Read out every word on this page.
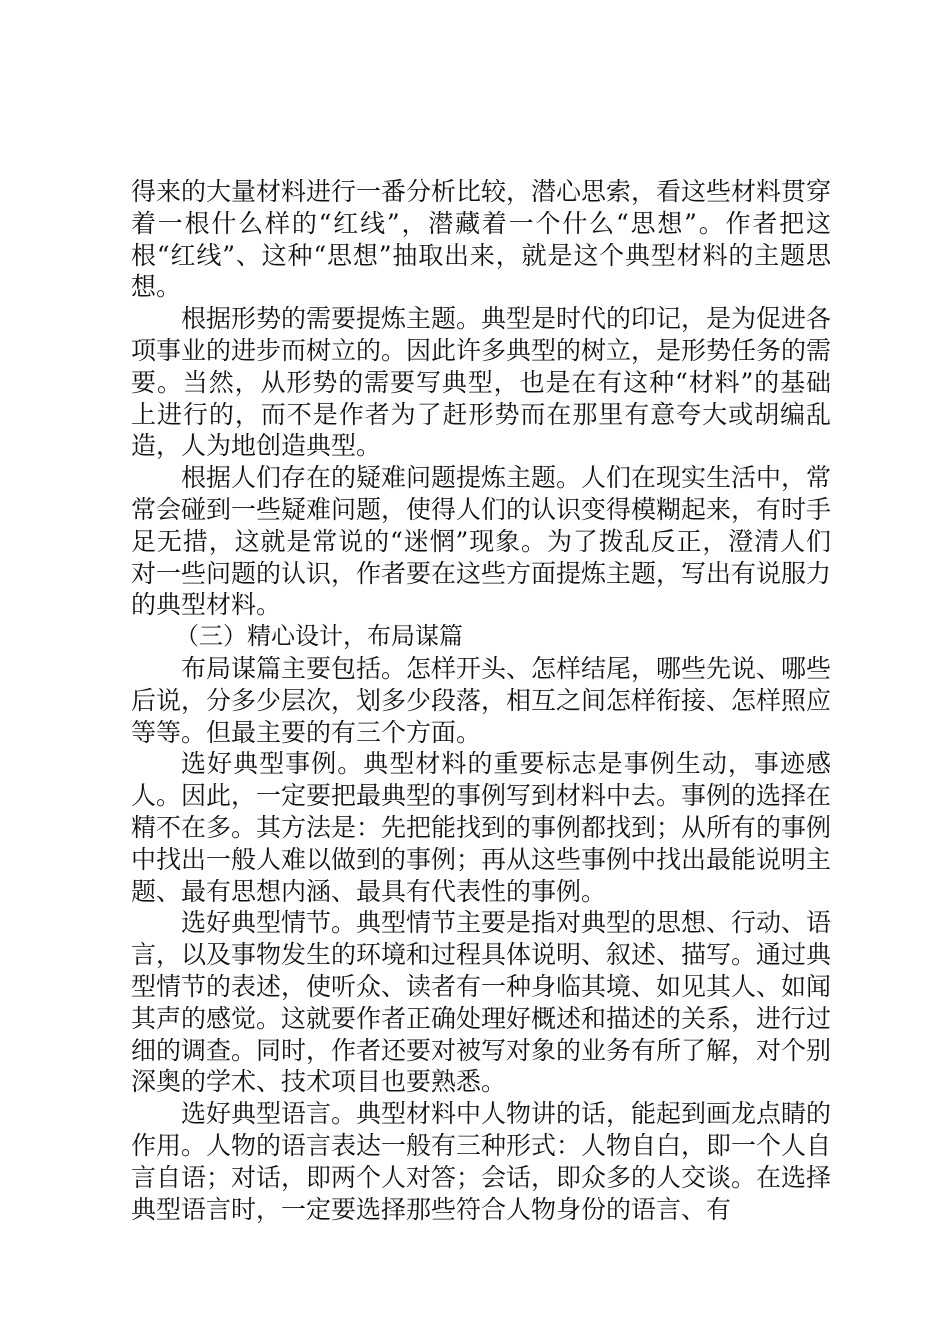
得来的大量材料进行一番分析比较，潜心思索，看这些材料贯穿着一根什么样的“红线”，潜藏着一个什么“思想”。作者把这根“红线”、这种“思想”抽取出来，就是这个典型材料的主题思想。

根据形势的需要提炼主题。典型是时代的印记，是为促进各项事业的进步而树立的。因此许多典型的树立，是形势任务的需要。当然，从形势的需要写典型，也是在有这种“材料”的基础上进行的，而不是作者为了赶形势而在那里有意夸大或胡编乱造，人为地创造典型。

根据人们存在的疑难问题提炼主题。人们在现实生活中，常常会碰到一些疑难问题，使得人们的认识变得模糊起来，有时手足无措，这就是常说的“迷惘”现象。为了拨乱反正，澄清人们对一些问题的认识，作者要在这些方面提炼主题，写出有说服力的典型材料。

（三）精心设计，布局谋篇

布局谋篇主要包括。怎样开头、怎样结尾，哪些先说、哪些后说，分多少层次，划多少段落，相互之间怎样衔接、怎样照应等等。但最主要的有三个方面。

选好典型事例。典型材料的重要标志是事例生动，事迹感人。因此，一定要把最典型的事例写到材料中去。事例的选择在精不在多。其方法是：先把能找到的事例都找到；从所有的事例中找出一般人难以做到的事例；再从这些事例中找出最能说明主题、最有思想内涵、最具有代表性的事例。

选好典型情节。典型情节主要是指对典型的思想、行动、语言，以及事物发生的环境和过程具体说明、叙述、描写。通过典型情节的表述，使听众、读者有一种身临其境、如见其人、如闻其声的感觉。这就要作者正确处理好概述和描述的关系，进行过细的调查。同时，作者还要对被写对象的业务有所了解，对个别深奥的学术、技术项目也要熟悉。

选好典型语言。典型材料中人物讲的话，能起到画龙点睛的作用。人物的语言表达一般有三种形式：人物自白，即一个人自言自语；对话，即两个人对答；会话，即众多的人交谈。在选择典型语言时，一定要选择那些符合人物身份的语言、有
